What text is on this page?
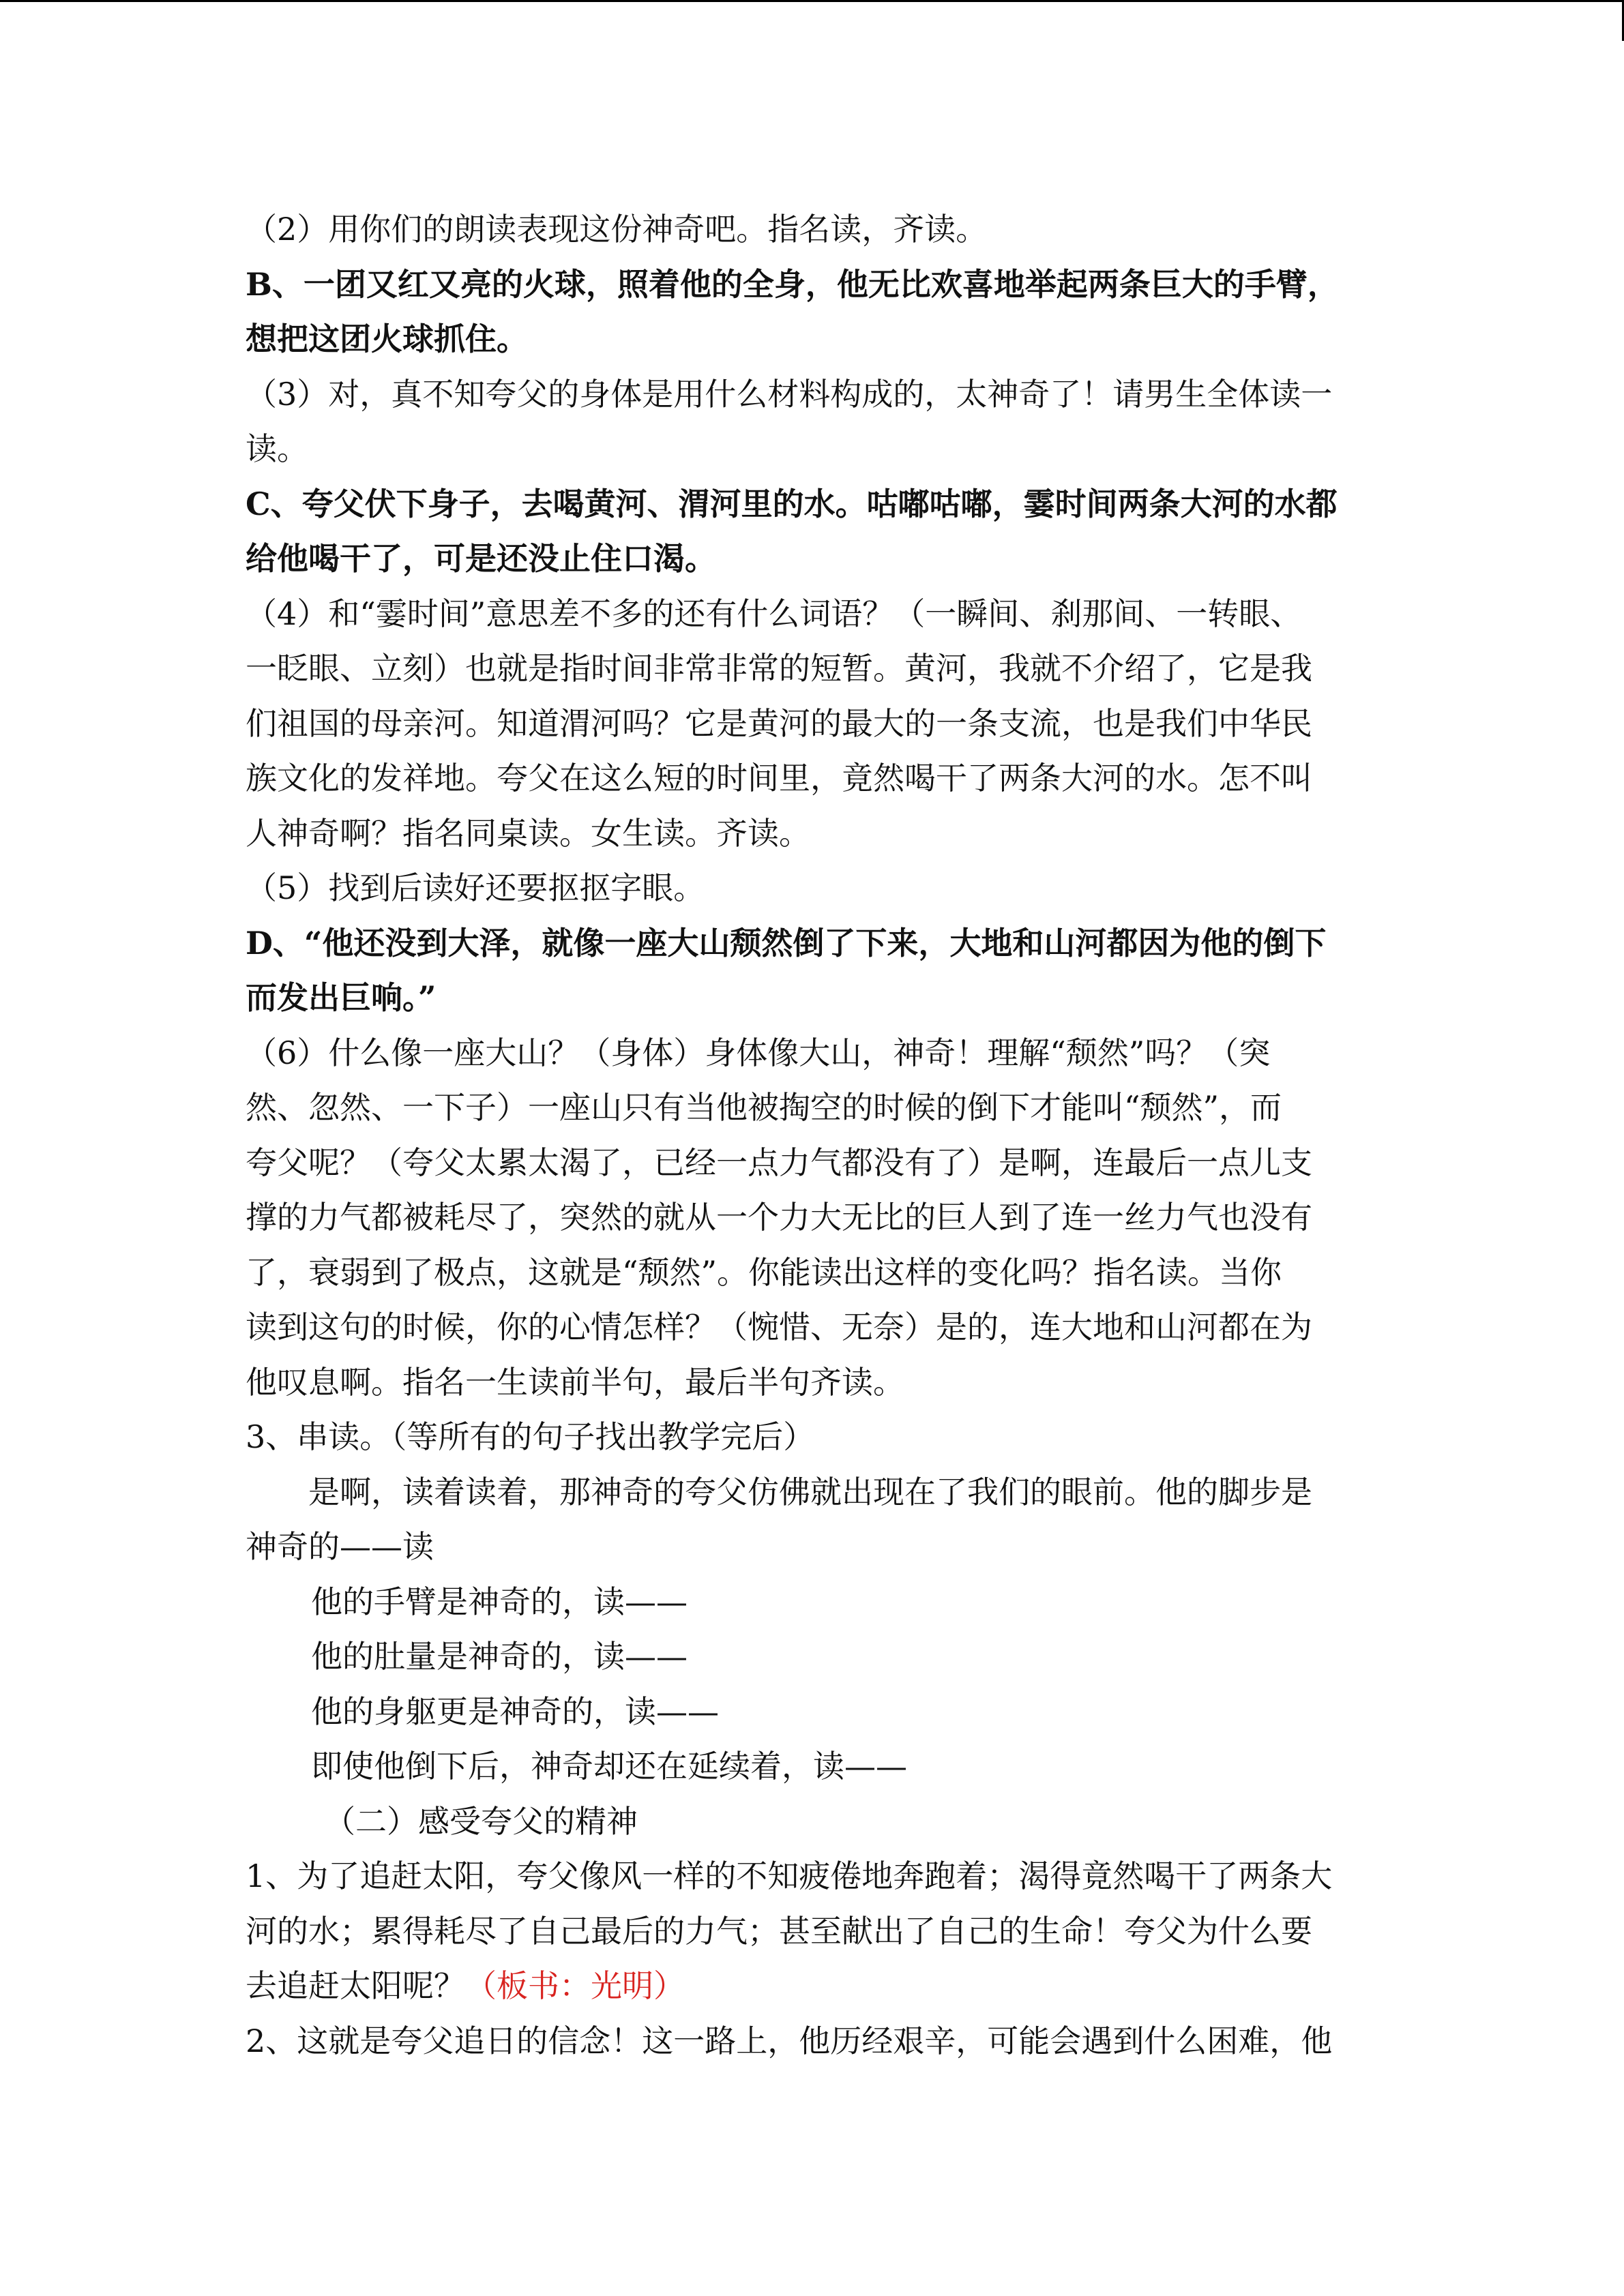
（2）用你们的朗读表现这份神奇吧。指名读，齐读。
B、一团又红又亮的火球，照着他的全身，他无比欢喜地举起两条巨大的手臂，
想把这团火球抓住。
（3）对，真不知夸父的身体是用什么材料构成的，太神奇了！请男生全体读一
读。
C、夸父伏下身子，去喝黄河、渭河里的水。咕嘟咕嘟，霎时间两条大河的水都
给他喝干了，可是还没止住口渴。
（4）和“霎时间”意思差不多的还有什么词语？（一瞬间、刹那间、一转眼、
一眨眼、立刻）也就是指时间非常非常的短暂。黄河，我就不介绍了，它是我
们祖国的母亲河。知道渭河吗？它是黄河的最大的一条支流，也是我们中华民
族文化的发祥地。夸父在这么短的时间里，竟然喝干了两条大河的水。怎不叫
人神奇啊？指名同桌读。女生读。齐读。
（5）找到后读好还要抠抠字眼。
D、“他还没到大泽，就像一座大山颓然倒了下来，大地和山河都因为他的倒下
而发出巨响。”
（6）什么像一座大山？（身体）身体像大山，神奇！理解“颓然”吗？（突
然、忽然、一下子）一座山只有当他被掏空的时候的倒下才能叫“颓然”，而
夸父呢？（夸父太累太渴了，已经一点力气都没有了）是啊，连最后一点儿支
撑的力气都被耗尽了，突然的就从一个力大无比的巨人到了连一丝力气也没有
了，衰弱到了极点，这就是“颓然”。你能读出这样的变化吗？指名读。当你
读到这句的时候，你的心情怎样？（惋惜、无奈）是的，连大地和山河都在为
他叹息啊。指名一生读前半句，最后半句齐读。
3、串读。（等所有的句子找出教学完后）
是啊，读着读着，那神奇的夸父仿佛就出现在了我们的眼前。他的脚步是
神奇的——读
他的手臂是神奇的，读——
他的肚量是神奇的，读——
他的身躯更是神奇的，读——
即使他倒下后，神奇却还在延续着，读——
（二）感受夸父的精神
1、为了追赶太阳，夸父像风一样的不知疲倦地奔跑着；渴得竟然喝干了两条大
河的水；累得耗尽了自己最后的力气；甚至献出了自己的生命！夸父为什么要
去追赶太阳呢？（板书：光明）
2、这就是夸父追日的信念！这一路上，他历经艰辛，可能会遇到什么困难，他
